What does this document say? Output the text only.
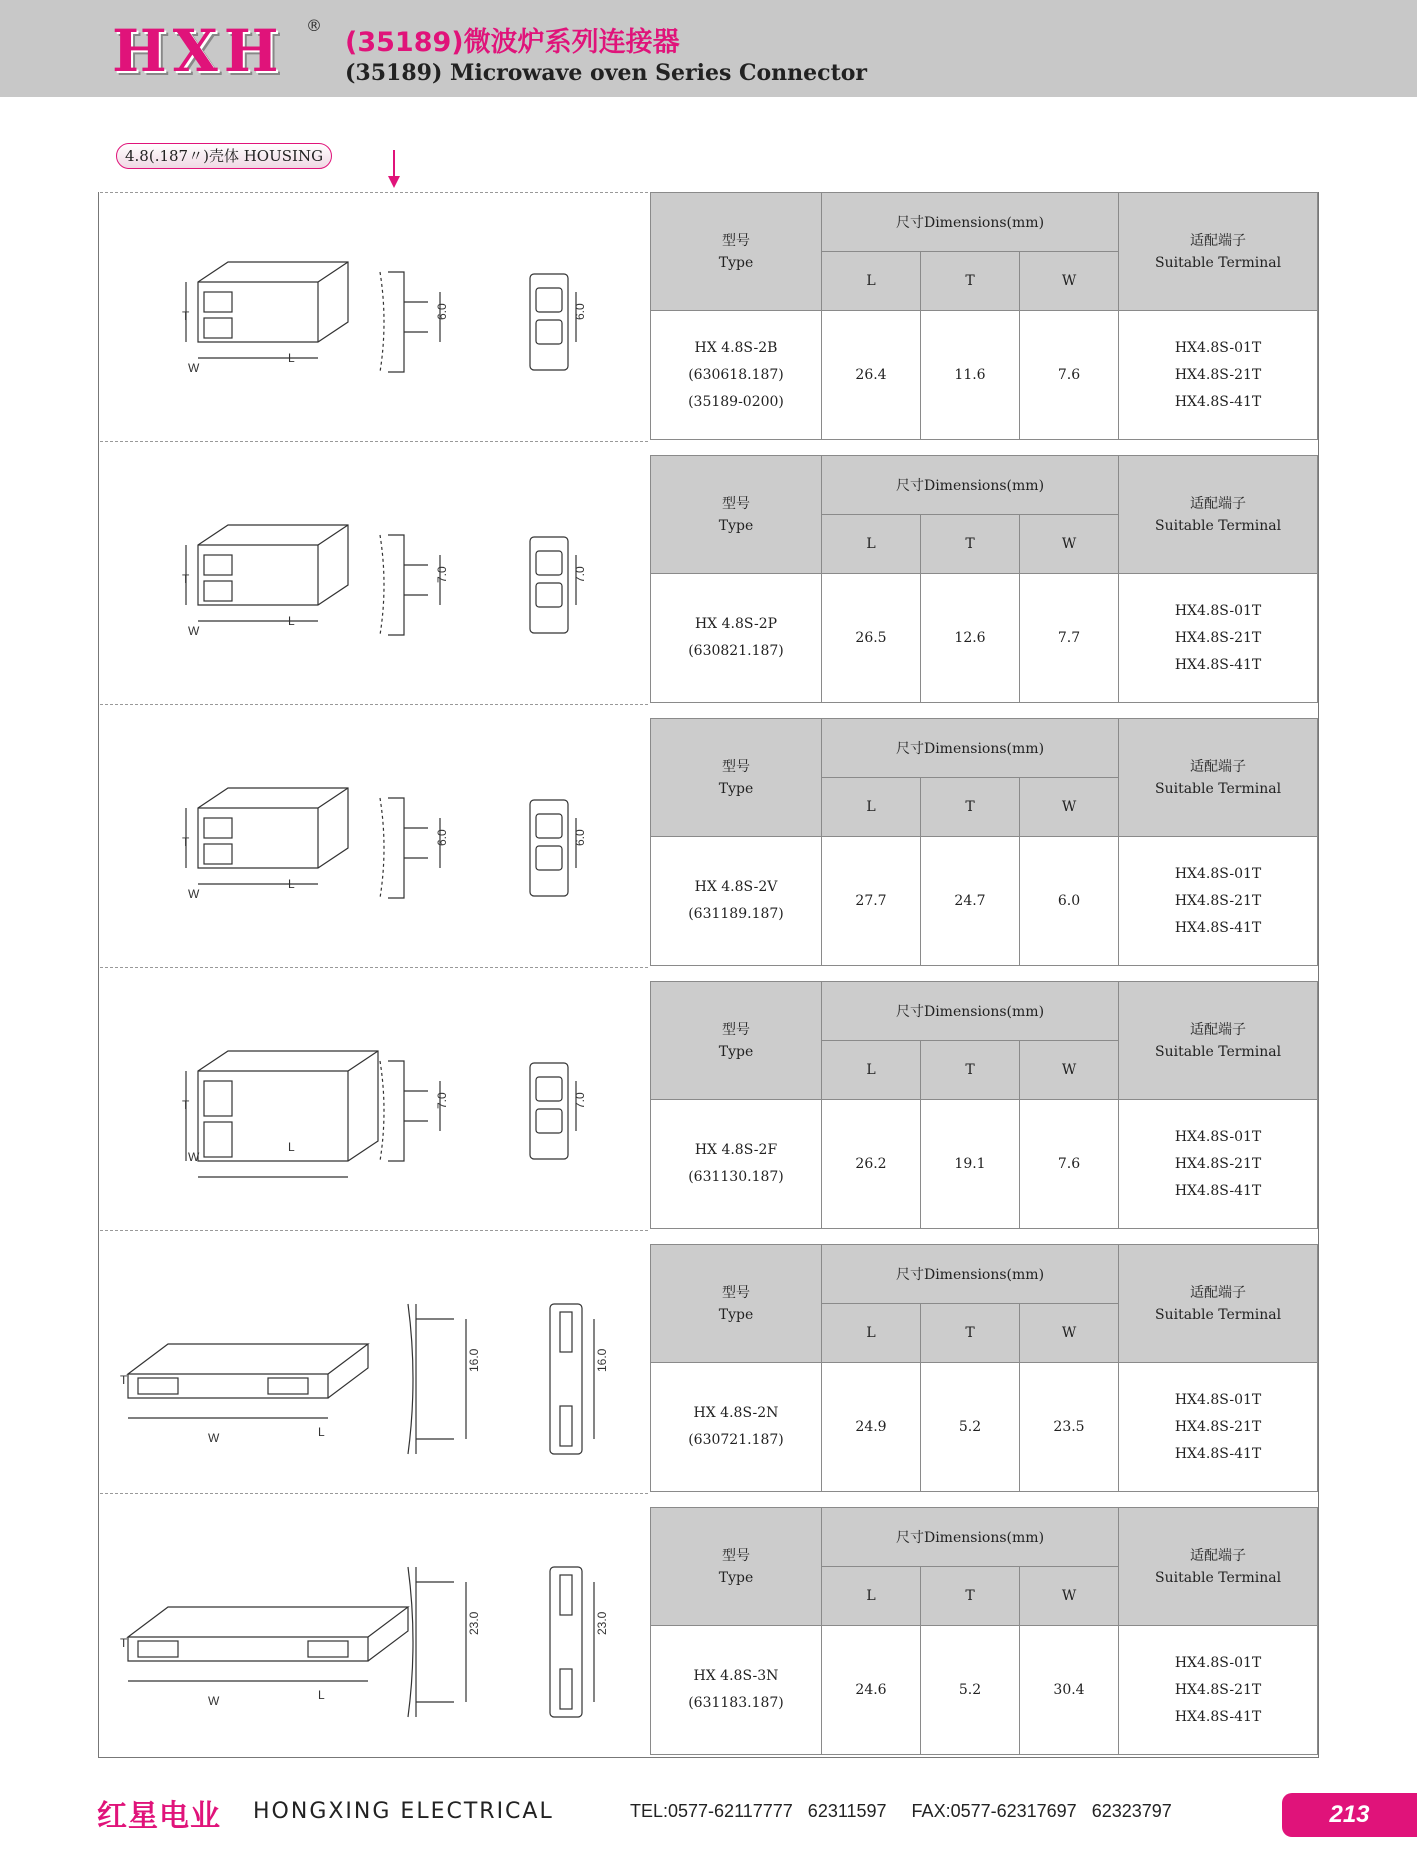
HXH ®
(35189)微波炉系列连接器
(35189) Microwave oven Series Connector
4.8(.187〃)壳体 HOUSING
T
L
W
6.0	6.0
型号
Type	尺寸Dimensions(mm)			适配端子
Suitable Terminal
	L	T	W	
HX 4.8S-2B
(630618.187)
(35189-0200)	26.4	11.6	7.6	HX4.8S-01T
HX4.8S-21T
HX4.8S-41T
T
L
W
7.0	7.0
型号
Type	尺寸Dimensions(mm)			适配端子
Suitable Terminal
	L	T	W	
HX 4.8S-2P
(630821.187)	26.5	12.6	7.7	HX4.8S-01T
HX4.8S-21T
HX4.8S-41T
T
L
W
6.0	6.0
型号
Type	尺寸Dimensions(mm)			适配端子
Suitable Terminal
	L	T	W	
HX 4.8S-2V
(631189.187)	27.7	24.7	6.0	HX4.8S-01T
HX4.8S-21T
HX4.8S-41T
T
L
W
7.0	7.0
型号
Type	尺寸Dimensions(mm)			适配端子
Suitable Terminal
	L	T	W	
HX 4.8S-2F
(631130.187)	26.2	19.1	7.6	HX4.8S-01T
HX4.8S-21T
HX4.8S-41T
T
L
W
16.0	16.0
型号
Type	尺寸Dimensions(mm)			适配端子
Suitable Terminal
	L	T	W	
HX 4.8S-2N
(630721.187)	24.9	5.2	23.5	HX4.8S-01T
HX4.8S-21T
HX4.8S-41T
T
L
W
23.0	23.0
型号
Type	尺寸Dimensions(mm)			适配端子
Suitable Terminal
	L	T	W	
HX 4.8S-3N
(631183.187)	24.6	5.2	30.4	HX4.8S-01T
HX4.8S-21T
HX4.8S-41T
红星电业 HONGXING ELECTRICAL	TEL:0577-62117777   62311597     FAX:0577-62317697   62323797	213
